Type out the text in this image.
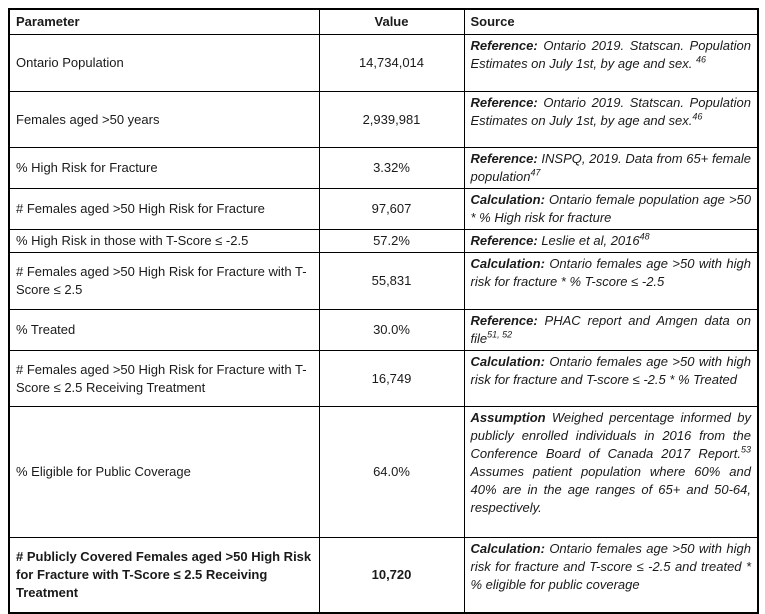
Parameter	Value	Source
Ontario Population	14,734,014	Reference: Ontario 2019. Statscan. Population Estimates on July 1st, by age and sex. $^{46}$
Females aged >50 years	2,939,981	Reference: Ontario 2019. Statscan. Population Estimates on July 1st, by age and sex.$^{46}$
% High Risk for Fracture	3.32%	Reference: INSPQ, 2019. Data from 65+ female population$^{47}$
# Females aged >50 High Risk for Fracture	97,607	Calculation: Ontario female population age >50 * % High risk for fracture
% High Risk in those with T-Score ≤ -2.5	57.2%	Reference: Leslie et al, 2016$^{48}$
# Females aged >50 High Risk for Fracture with T-Score ≤ 2.5	55,831	Calculation: Ontario females age >50 with high risk for fracture * % T-score ≤ -2.5
% Treated	30.0%	Reference: PHAC report and Amgen data on file$^{51, 52}$
# Females aged >50 High Risk for Fracture with T-Score ≤ 2.5 Receiving Treatment	16,749	Calculation: Ontario females age >50 with high risk for fracture and T-score ≤ -2.5 * % Treated
% Eligible for Public Coverage	64.0%	Assumption Weighed percentage informed by publicly enrolled individuals in 2016 from the Conference Board of Canada 2017 Report.$^{53}$ Assumes patient population where 60% and 40% are in the age ranges of 65+ and 50-64, respectively.
# Publicly Covered Females aged >50 High Risk for Fracture with T-Score ≤ 2.5 Receiving Treatment	10,720	Calculation: Ontario females age >50 with high risk for fracture and T-score ≤ -2.5 and treated * % eligible for public coverage
